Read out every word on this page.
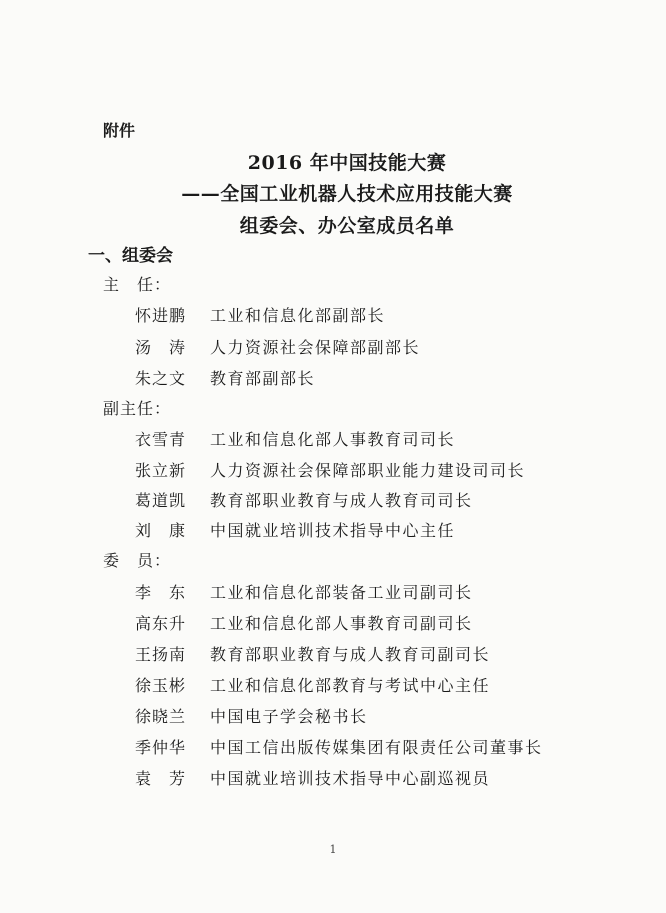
附件
2016 年中国技能大赛
——全国工业机器人技术应用技能大赛
组委会、办公室成员名单
一、组委会
主　任：
怀进鹏 工业和信息化部副部长
汤　涛 人力资源社会保障部副部长
朱之文 教育部副部长
副主任：
衣雪青 工业和信息化部人事教育司司长
张立新 人力资源社会保障部职业能力建设司司长
葛道凯 教育部职业教育与成人教育司司长
刘　康 中国就业培训技术指导中心主任
委　员：
李　东 工业和信息化部装备工业司副司长
高东升 工业和信息化部人事教育司副司长
王扬南 教育部职业教育与成人教育司副司长
徐玉彬 工业和信息化部教育与考试中心主任
徐晓兰 中国电子学会秘书长
季仲华 中国工信出版传媒集团有限责任公司董事长
袁　芳 中国就业培训技术指导中心副巡视员
1
